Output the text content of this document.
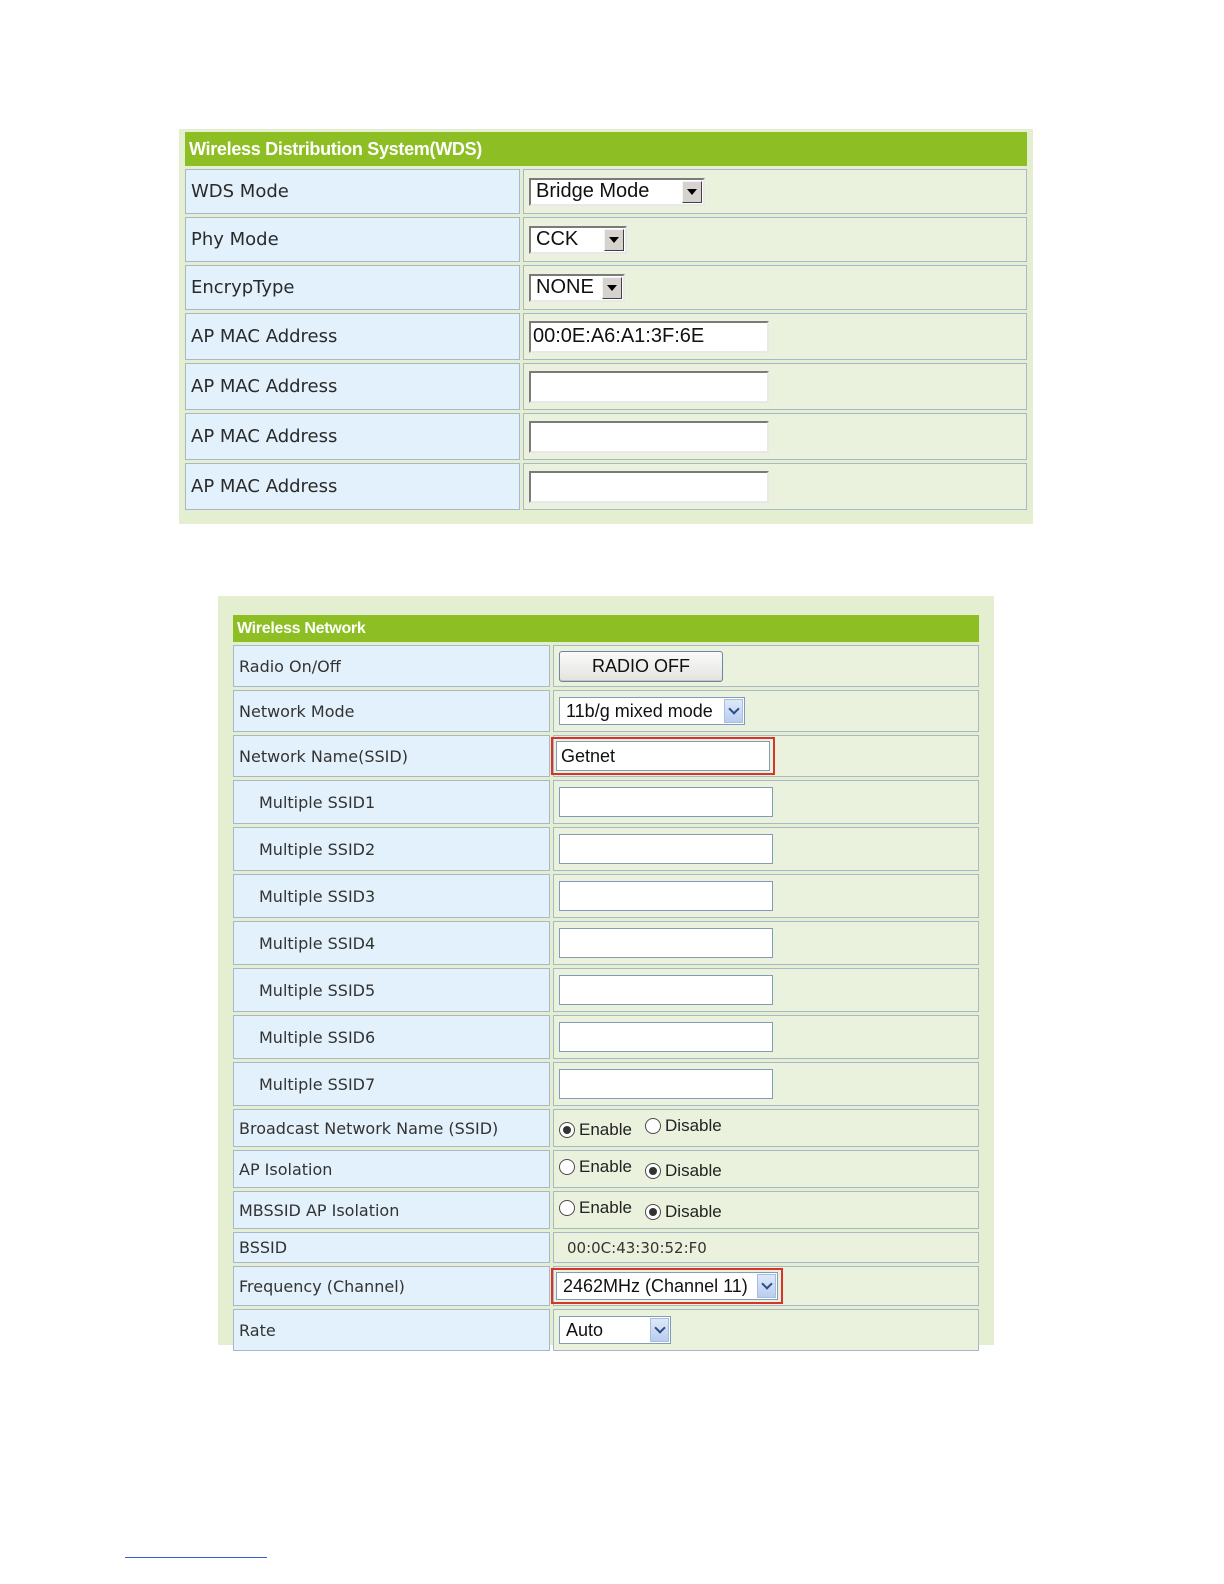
Wireless Distribution System(WDS)	
WDS Mode	Bridge Mode

Phy Mode	CCK

EncrypType	NONE

AP MAC Address	00:0E:A6:A1:3F:6E
AP MAC Address	
AP MAC Address	
AP MAC Address	
Wireless Network	
Radio On/Off	RADIO OFF
Network Mode	11b/g mixed mode

Network Name(SSID)	Getnet
Multiple SSID1	
Multiple SSID2	
Multiple SSID3	
Multiple SSID4	
Multiple SSID5	
Multiple SSID6	
Multiple SSID7	
Broadcast Network Name (SSID)	Enable
Disable

AP Isolation	Enable
Disable

MBSSID AP Isolation	Enable
Disable

BSSID	00:0C:43:30:52:F0
Frequency (Channel)	2462MHz (Channel 11)

Rate	Auto
